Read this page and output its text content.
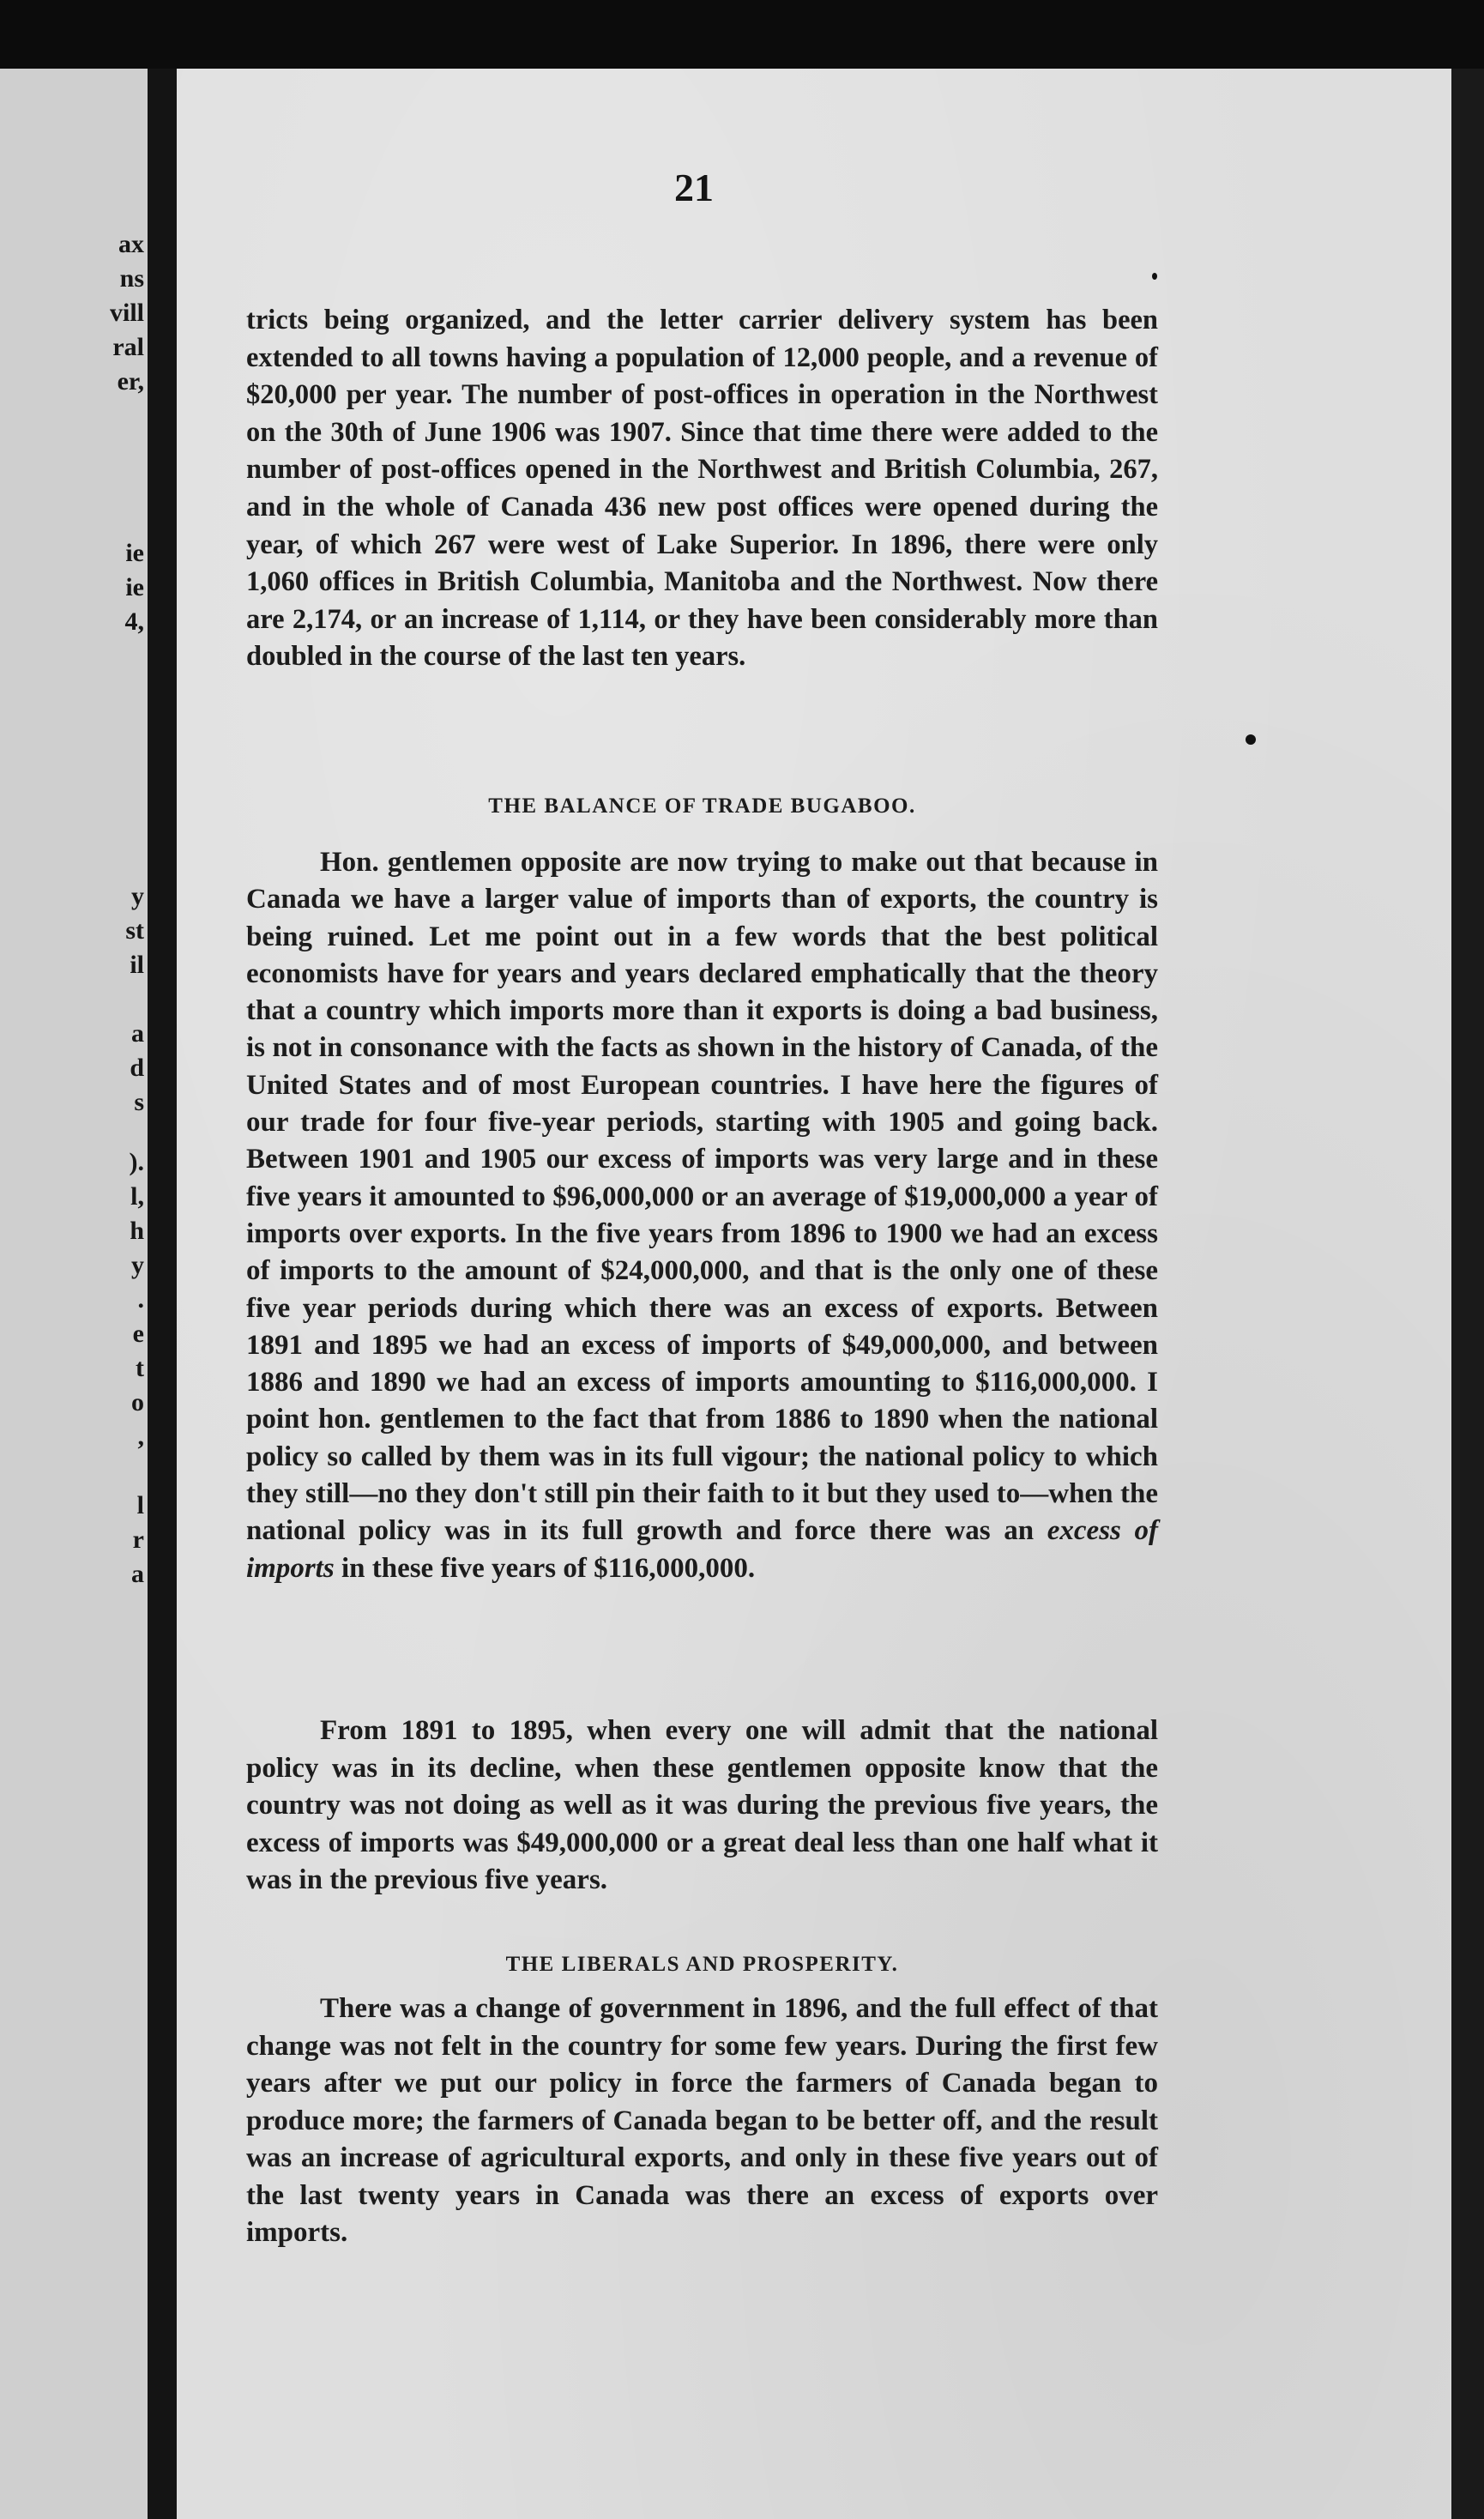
ax
ns
vill
ral
er,
ie
ie
4,
y
st
il
a
d
s
).
l,
h
y
.
e
t
o
,
l
r
a
21

tricts being organized, and the letter carrier delivery system has been extended to all towns having a population of 12,000 people, and a revenue of $20,000 per year. The number of post-offices in operation in the Northwest on the 30th of June 1906 was 1907. Since that time there were added to the number of post-offices opened in the Northwest and British Columbia, 267, and in the whole of Canada 436 new post offices were opened during the year, of which 267 were west of Lake Superior. In 1896, there were only 1,060 offices in British Columbia, Manitoba and the Northwest. Now there are 2,174, or an increase of 1,114, or they have been considerably more than doubled in the course of the last ten years.

THE BALANCE OF TRADE BUGABOO.

Hon. gentlemen opposite are now trying to make out that because in Canada we have a larger value of imports than of exports, the country is being ruined. Let me point out in a few words that the best political economists have for years and years declared emphatically that the theory that a country which imports more than it exports is doing a bad business, is not in consonance with the facts as shown in the history of Canada, of the United States and of most European countries. I have here the figures of our trade for four five-year periods, starting with 1905 and going back. Between 1901 and 1905 our excess of imports was very large and in these five years it amounted to $96,000,000 or an average of $19,000,000 a year of imports over exports. In the five years from 1896 to 1900 we had an excess of imports to the amount of $24,000,000, and that is the only one of these five year periods during which there was an excess of exports. Between 1891 and 1895 we had an excess of imports of $49,000,000, and between 1886 and 1890 we had an excess of imports amounting to $116,000,000. I point hon. gentlemen to the fact that from 1886 to 1890 when the national policy so called by them was in its full vigour; the national policy to which they still—no they don't still pin their faith to it but they used to—when the national policy was in its full growth and force there was an excess of imports in these five years of $116,000,000.

From 1891 to 1895, when every one will admit that the national policy was in its decline, when these gentlemen opposite know that the country was not doing as well as it was during the previous five years, the excess of imports was $49,000,000 or a great deal less than one half what it was in the previous five years.

THE LIBERALS AND PROSPERITY.

There was a change of government in 1896, and the full effect of that change was not felt in the country for some few years. During the first few years after we put our policy in force the farmers of Canada began to produce more; the farmers of Canada began to be better off, and the result was an increase of agricultural exports, and only in these five years out of the last twenty years in Canada was there an excess of exports over imports.
